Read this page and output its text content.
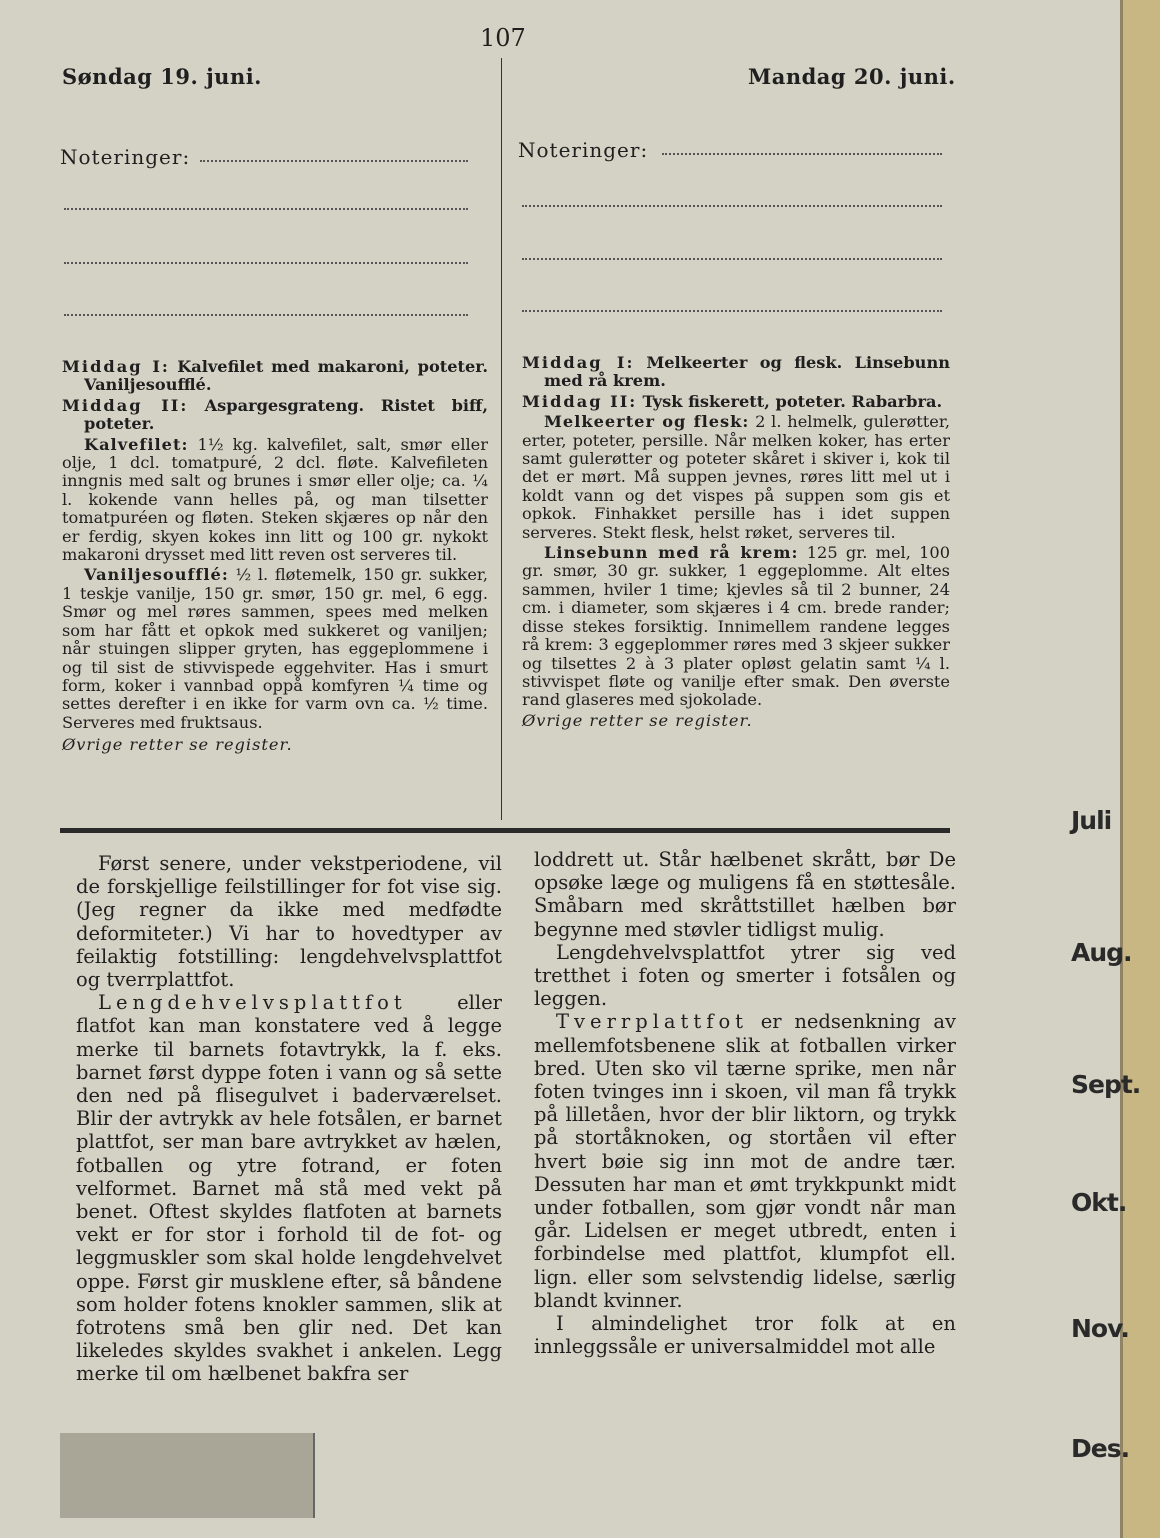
107
Søndag 19. juni.	Mandag 20. juni.
Noteringer:	Noteringer:

Middag I: Kalvefilet med makaroni, poteter. Vaniljesoufflé.

Middag II: Aspargesgrateng. Ristet biff, poteter.

Kalvefilet: 1½ kg. kalvefilet, salt, smør eller olje, 1 dcl. tomatpuré, 2 dcl. fløte. Kalvefileten inngnis med salt og brunes i smør eller olje; ca. ¼ l. kokende vann helles på, og man tilsetter tomatpuréen og fløten. Steken skjæres op når den er ferdig, skyen kokes inn litt og 100 gr. nykokt makaroni drysset med litt reven ost serveres til.

Vaniljesoufflé: ½ l. fløtemelk, 150 gr. sukker, 1 teskje vanilje, 150 gr. smør, 150 gr. mel, 6 egg. Smør og mel røres sammen, spees med melken som har fått et opkok med sukkeret og vaniljen; når stuingen slipper gryten, has eggeplommene i og til sist de stivvispede eggehviter. Has i smurt form, koker i vannbad oppå komfyren ¼ time og settes derefter i en ikke for varm ovn ca. ½ time. Serveres med fruktsaus.

Øvrige retter se register.

Middag I: Melkeerter og flesk. Linsebunn med rå krem.

Middag II: Tysk fiskerett, poteter. Rabarbra.

Melkeerter og flesk: 2 l. helmelk, gulerøtter, erter, poteter, persille. Når melken koker, has erter samt gulerøtter og poteter skåret i skiver i, kok til det er mørt. Må suppen jevnes, røres litt mel ut i koldt vann og det vispes på suppen som gis et opkok. Finhakket persille has i idet suppen serveres. Stekt flesk, helst røket, serveres til.

Linsebunn med rå krem: 125 gr. mel, 100 gr. smør, 30 gr. sukker, 1 eggeplomme. Alt eltes sammen, hviler 1 time; kjevles så til 2 bunner, 24 cm. i diameter, som skjæres i 4 cm. brede rander; disse stekes forsiktig. Innimellem randene legges rå krem: 3 eggeplommer røres med 3 skjeer sukker og tilsettes 2 à 3 plater opløst gelatin samt ¼ l. stivvispet fløte og vanilje efter smak. Den øverste rand glaseres med sjokolade.

Øvrige retter se register.

Først senere, under vekstperiodene, vil de forskjellige feilstillinger for fot vise sig. (Jeg regner da ikke med medfødte deformiteter.) Vi har to hovedtyper av feilaktig fotstilling: lengdehvelvsplattfot og tverrplattfot.

Lengdehvelvsplattfot	eller flatfot kan man konstatere ved å legge merke til barnets fotavtrykk, la f. eks. barnet først dyppe foten i vann og så sette den ned på flisegulvet i baderværelset. Blir der avtrykk av hele fotsålen, er barnet plattfot, ser man bare avtrykket av hælen, fotballen og ytre fotrand, er foten velformet. Barnet må stå med vekt på benet. Oftest skyldes flatfoten at barnets vekt er for stor i forhold til de fot- og leggmuskler som skal holde lengdehvelvet oppe. Først gir musklene efter, så båndene som holder fotens knokler sammen, slik at fotrotens små ben glir ned. Det kan likeledes skyldes svakhet i ankelen. Legg merke til om hælbenet bakfra ser

loddrett ut. Står hælbenet skrått, bør De opsøke læge og muligens få en støttesåle. Småbarn med skråttstillet hælben bør begynne med støvler tidligst mulig.

Lengdehvelvsplattfot ytrer sig ved tretthet i foten og smerter i fotsålen og leggen.

Tverrplattfot er nedsenkning av mellemfotsbenene slik at fotballen virker bred. Uten sko vil tærne sprike, men når foten tvinges inn i skoen, vil man få trykk på lilletåen, hvor der blir liktorn, og trykk på stortåknoken, og stortåen vil efter hvert bøie sig inn mot de andre tær. Dessuten har man et ømt trykkpunkt midt under fotballen, som gjør vondt når man går. Lidelsen er meget utbredt, enten i forbindelse med plattfot, klumpfot ell. lign. eller som selvstendig lidelse, særlig blandt kvinner.

I almindelighet tror folk at en innleggssåle er universalmiddel mot alle

Juli
Aug.
Sept.
Okt.
Nov.
Des.
